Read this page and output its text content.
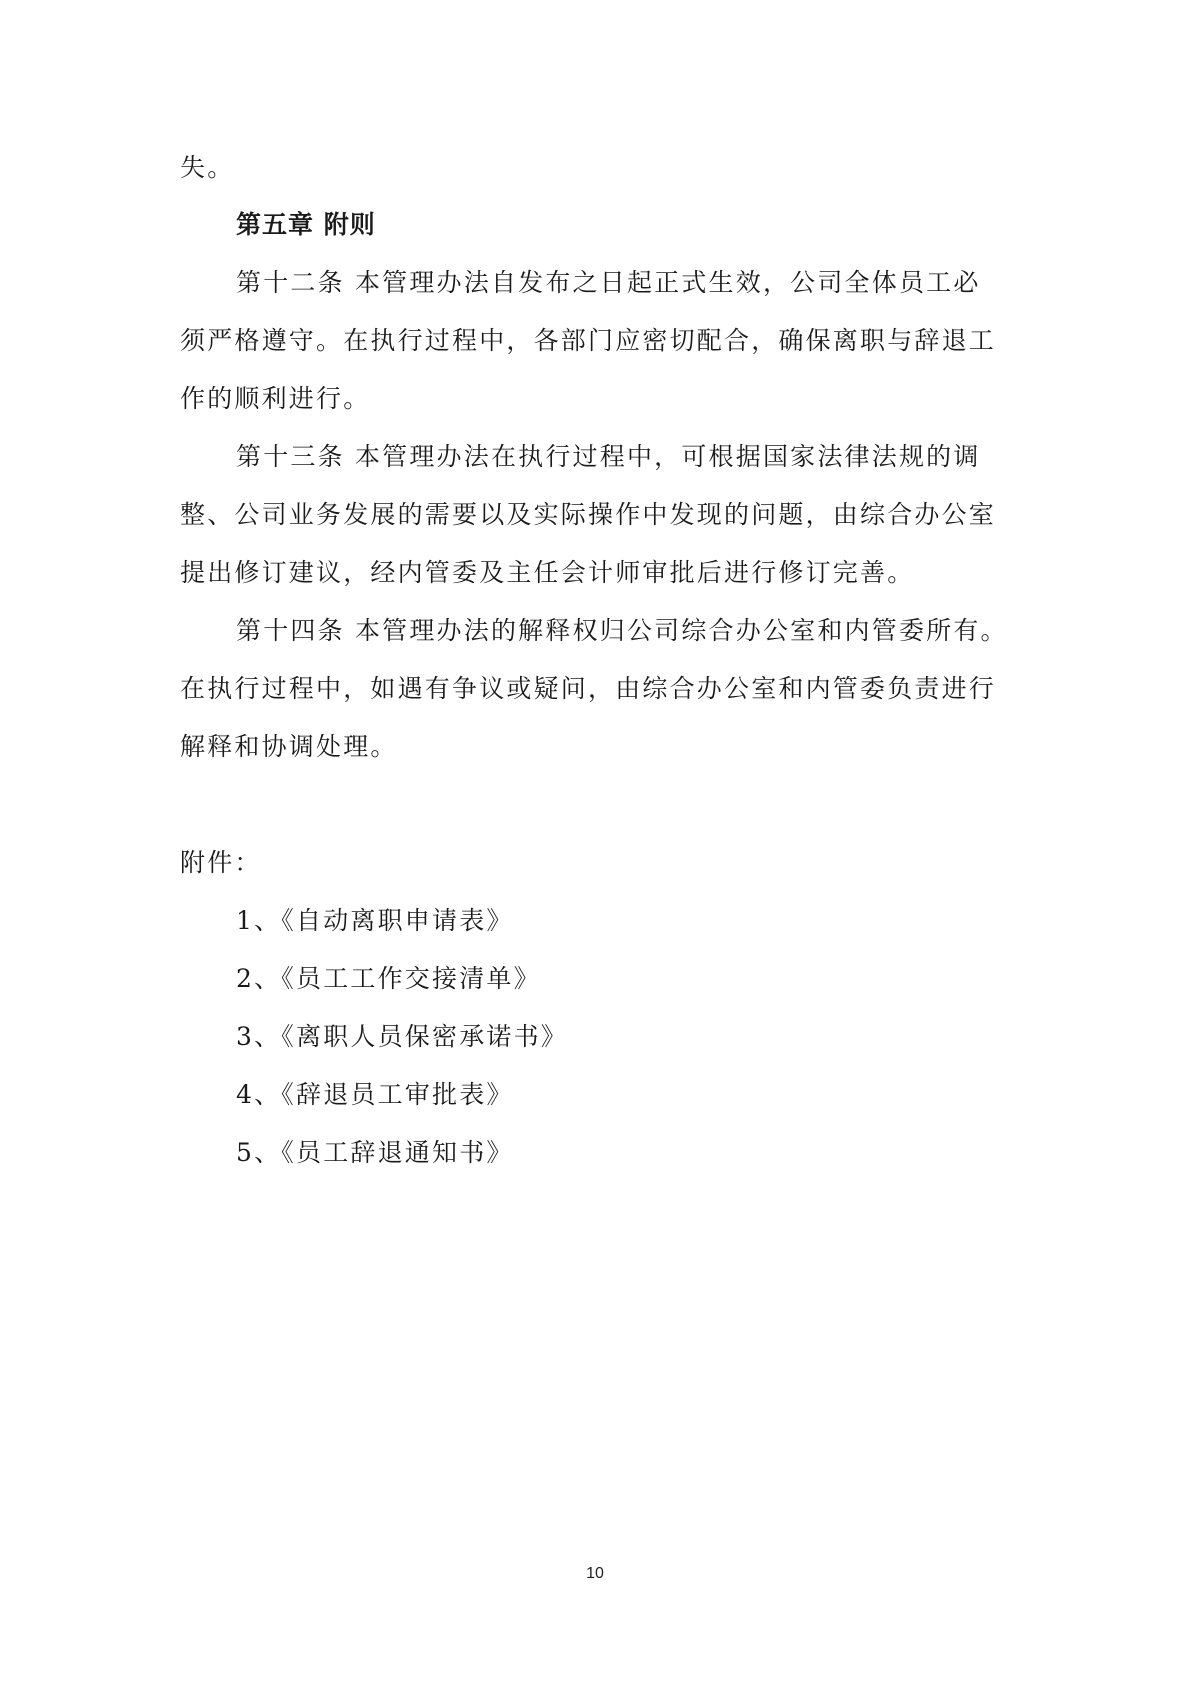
失。
第五章 附则
第十二条 本管理办法自发布之日起正式生效，公司全体员工必
须严格遵守。在执行过程中，各部门应密切配合，确保离职与辞退工
作的顺利进行。
第十三条 本管理办法在执行过程中，可根据国家法律法规的调
整、公司业务发展的需要以及实际操作中发现的问题，由综合办公室
提出修订建议，经内管委及主任会计师审批后进行修订完善。
第十四条 本管理办法的解释权归公司综合办公室和内管委所有。
在执行过程中，如遇有争议或疑问，由综合办公室和内管委负责进行
解释和协调处理。
附件：
1、《自动离职申请表》
2、《员工工作交接清单》
3、《离职人员保密承诺书》
4、《辞退员工审批表》
5、《员工辞退通知书》
10
